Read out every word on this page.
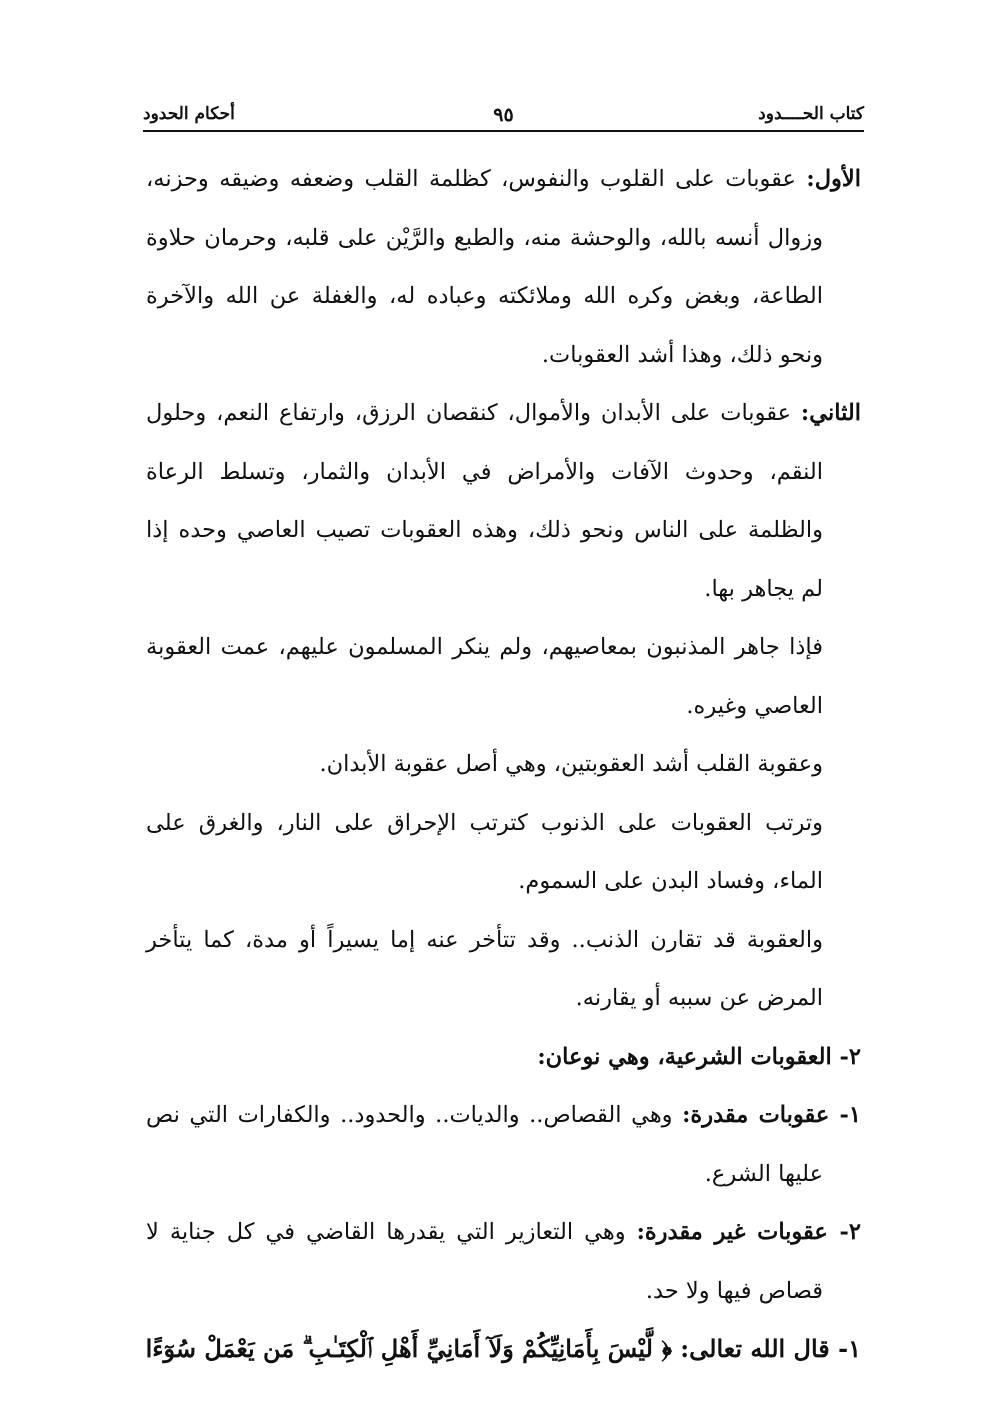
كتاب الحــــدود
٩٥
أحكام الحدود

الأول: عقوبات على القلوب والنفوس، كظلمة القلب وضعفه وضيقه وحزنه، وزوال أنسه بالله، والوحشة منه، والطبع والرَّيْن على قلبه، وحرمان حلاوة الطاعة، وبغض وكره الله وملائكته وعباده له، والغفلة عن الله والآخرة ونحو ذلك، وهذا أشد العقوبات.

الثاني: عقوبات على الأبدان والأموال، كنقصان الرزق، وارتفاع النعم، وحلول النقم، وحدوث الآفات والأمراض في الأبدان والثمار، وتسلط الرعاة والظلمة على الناس ونحو ذلك، وهذه العقوبات تصيب العاصي وحده إذا لم يجاهر بها.

فإذا جاهر المذنبون بمعاصيهم، ولم ينكر المسلمون عليهم، عمت العقوبة العاصي وغيره.

وعقوبة القلب أشد العقوبتين، وهي أصل عقوبة الأبدان.

وترتب العقوبات على الذنوب كترتب الإحراق على النار، والغرق على الماء، وفساد البدن على السموم.

والعقوبة قد تقارن الذنب.. وقد تتأخر عنه إما يسيراً أو مدة، كما يتأخر المرض عن سببه أو يقارنه.

٢- العقوبات الشرعية، وهي نوعان:

١- عقوبات مقدرة: وهي القصاص.. والديات.. والحدود.. والكفارات التي نص عليها الشرع.

٢- عقوبات غير مقدرة: وهي التعازير التي يقدرها القاضي في كل جناية لا قصاص فيها ولا حد.

١- قال الله تعالى: ﴿ لَّيْسَ بِأَمَانِيِّكُمْ وَلَآ أَمَانِيِّ أَهْلِ ٱلْكِتَـٰبِ ۗ مَن يَعْمَلْ سُوٓءًا
